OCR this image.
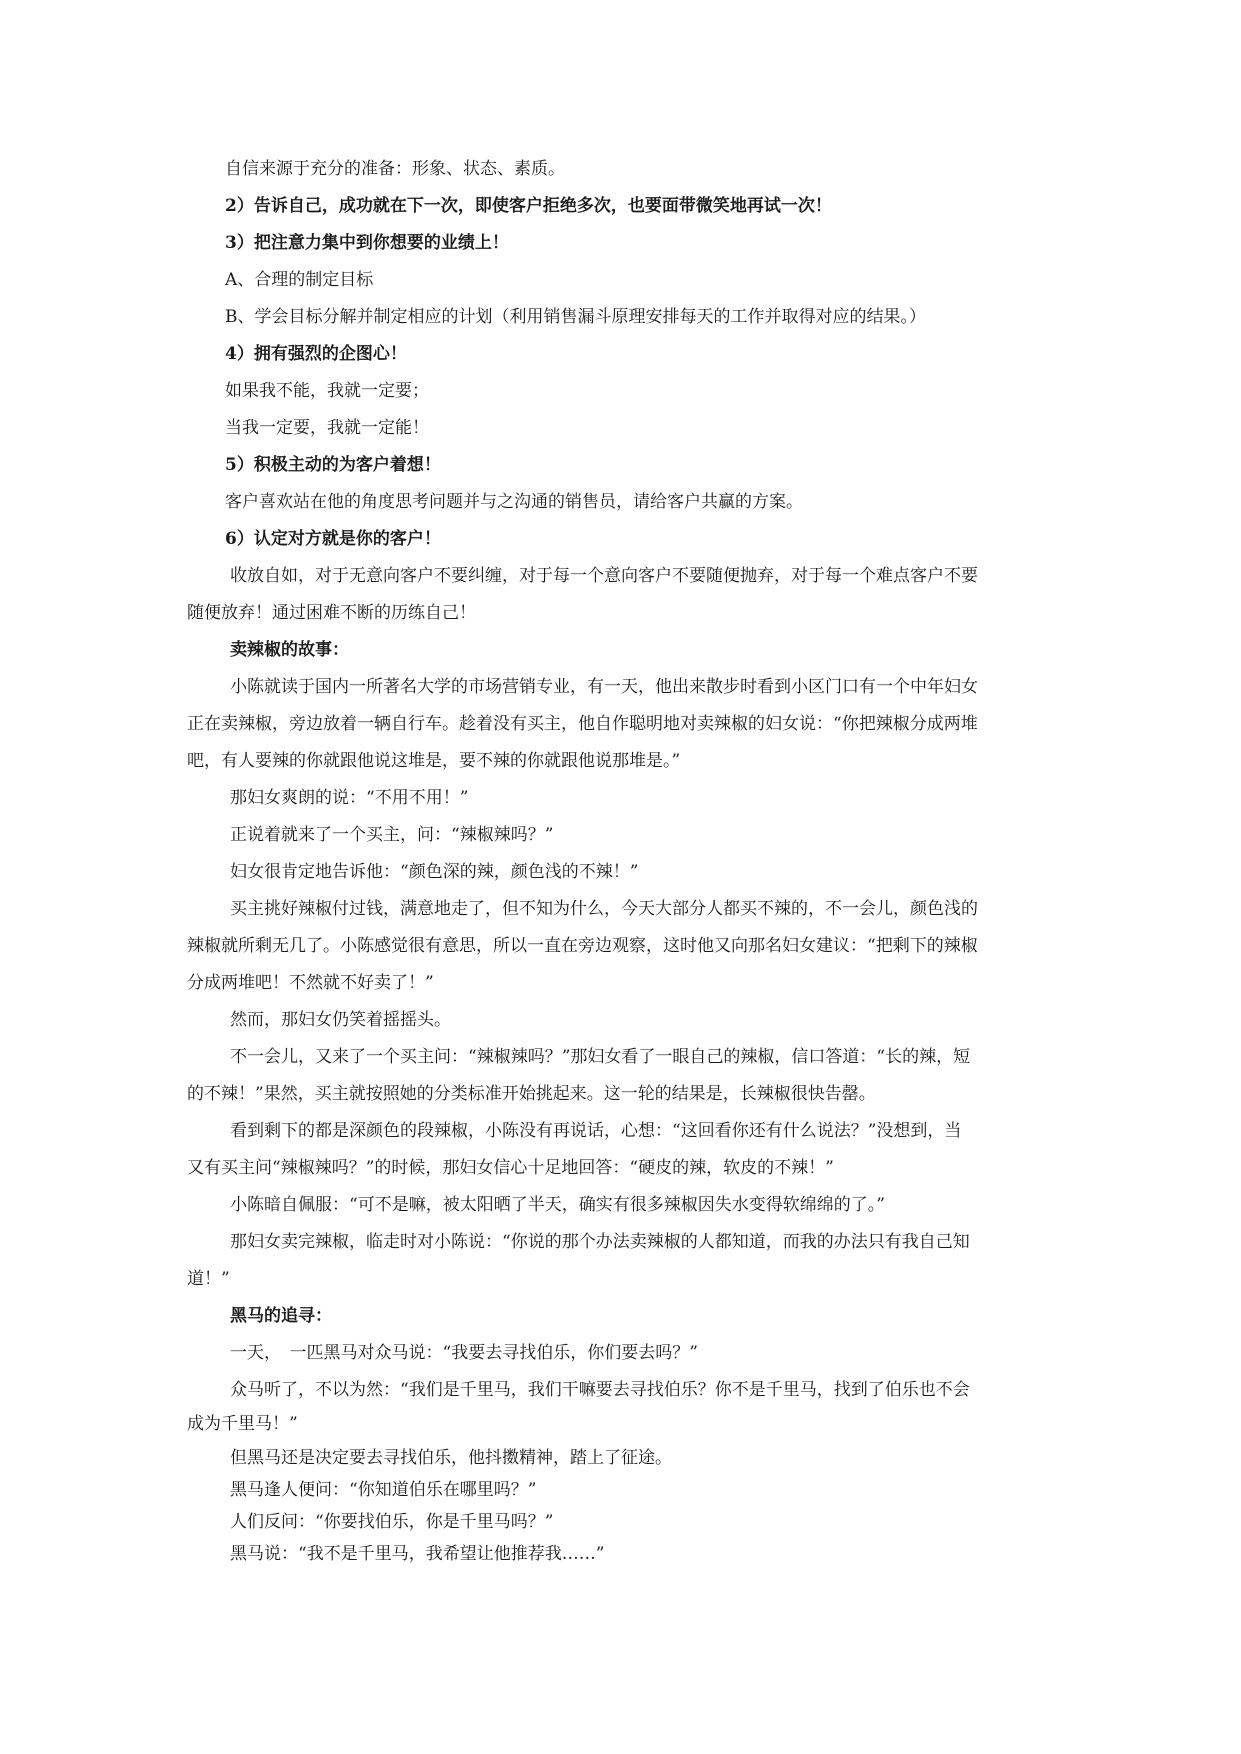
自信来源于充分的准备：形象、状态、素质。
2）告诉自己，成功就在下一次，即使客户拒绝多次，也要面带微笑地再试一次！
3）把注意力集中到你想要的业绩上！
A、合理的制定目标
B、学会目标分解并制定相应的计划（利用销售漏斗原理安排每天的工作并取得对应的结果。）
4）拥有强烈的企图心！
如果我不能，我就一定要；
当我一定要，我就一定能！
5）积极主动的为客户着想！
客户喜欢站在他的角度思考问题并与之沟通的销售员，请给客户共赢的方案。
6）认定对方就是你的客户！
收放自如，对于无意向客户不要纠缠，对于每一个意向客户不要随便抛弃，对于每一个难点客户不要
随便放弃！通过困难不断的历练自己！
卖辣椒的故事：
小陈就读于国内一所著名大学的市场营销专业，有一天，他出来散步时看到小区门口有一个中年妇女
正在卖辣椒，旁边放着一辆自行车。趁着没有买主，他自作聪明地对卖辣椒的妇女说：“你把辣椒分成两堆
吧，有人要辣的你就跟他说这堆是，要不辣的你就跟他说那堆是。”
那妇女爽朗的说：“不用不用！”
正说着就来了一个买主，问：“辣椒辣吗？”
妇女很肯定地告诉他：“颜色深的辣，颜色浅的不辣！”
买主挑好辣椒付过钱，满意地走了，但不知为什么，今天大部分人都买不辣的，不一会儿，颜色浅的
辣椒就所剩无几了。小陈感觉很有意思，所以一直在旁边观察，这时他又向那名妇女建议：“把剩下的辣椒
分成两堆吧！不然就不好卖了！”
然而，那妇女仍笑着摇摇头。
不一会儿，又来了一个买主问：“辣椒辣吗？”那妇女看了一眼自己的辣椒，信口答道：“长的辣，短
的不辣！”果然，买主就按照她的分类标准开始挑起来。这一轮的结果是，长辣椒很快告罄。
看到剩下的都是深颜色的段辣椒，小陈没有再说话，心想：“这回看你还有什么说法？”没想到，当
又有买主问“辣椒辣吗？”的时候，那妇女信心十足地回答：“硬皮的辣，软皮的不辣！”
小陈暗自佩服：“可不是嘛，被太阳晒了半天，确实有很多辣椒因失水变得软绵绵的了。”
那妇女卖完辣椒，临走时对小陈说：“你说的那个办法卖辣椒的人都知道，而我的办法只有我自己知
道！”
黑马的追寻：
一天，　一匹黑马对众马说：“我要去寻找伯乐，你们要去吗？”
众马听了，不以为然：“我们是千里马，我们干嘛要去寻找伯乐？你不是千里马，找到了伯乐也不会
成为千里马！”
但黑马还是决定要去寻找伯乐，他抖擞精神，踏上了征途。
黑马逢人便问：“你知道伯乐在哪里吗？”
人们反问：“你要找伯乐，你是千里马吗？”
黑马说：“我不是千里马，我希望让他推荐我……”
